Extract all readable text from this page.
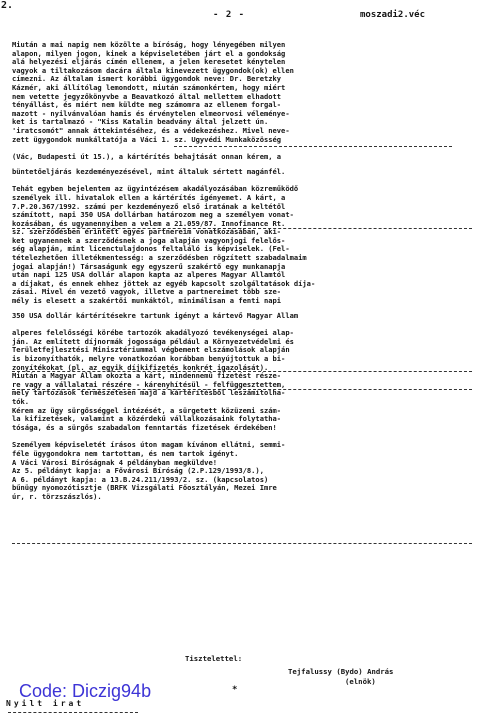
2.
- 2 -	moszadi2.véc
Miután a mai napig nem közölte a bíróság, hogy lényegében milyen
alapon, milyen jogon, kinek a képviseletében járt el a gondokság
alá helyezési eljárás címén ellenem, a jelen keresetet kénytelen
vagyok a tiltakozásom dacára általa kinevezett ügygondok(ok) ellen
címezni. Az általam ismert korábbi ügygondok neve: Dr. Beretzky
Kázmér, aki állítólag lemondott, miután számonkértem, hogy miért
nem vetette jegyzőkönyvbe a Beavatkozó által mellettem elhadott
tényállást, és miért nem küldte meg számomra az ellenem forgal-
mazott - nyilvánvalóan hamis és érvénytelen elmeorvosi véleménye-
ket is tartalmazó - "Kiss Katalin beadvány által jelzett ún.
'iratcsomót" annak áttekintéséhez, és a védekezéshez. Mivel neve-
zett ügygondok munkáltatója a Váci 1. sz. Ügyvédi Munkaközösség
(Vác, Budapesti út 15.), a kártérítés behajtását onnan kérem, a
büntetőeljárás kezdeményezésével, mint általuk sértett magánfél.
Tehát egyben bejelentem az ügyintézésem akadályozásában közreműködő
személyek ill. hivatalok ellen a kártérítés igényemet. A kárt, a
7.P.20.367/1992. számú per kezdeményező első iratának a keltétől
számított, napi 350 USA dollárban határozom meg a személyem vonat-
kozásában, és ugyanennyiben a velem a 21.059/87. Innofinance Rt.
sz. szerződésben érintett egyes partnereim vonatkozásában, aki-
ket ugyanennek a szerződésnek a joga alapján vagyonjogi felelős-
ség alapján, mint licenctulajdonos feltaláló is képviselek. (Fel-
tételezhetően illetékmentesség: a szerződésben rögzített szabadalmaim
jogai alapján!) Társaságunk egy egyszerű szakértő egy munkanapja
után napi 125 USA dollár alapon kapta az alperes Magyar Államtól
a díjakat, és ennek ehhez jöttek az egyéb kapcsolt szolgáltatások díja-
zásai. Mivel én vezető vagyok, illetve a partnereimet több sze-
mély is elesett a szakértői munkáktól, minimálisan a fenti napi
350 USA dollár kártérítésekre tartunk igényt a kártevő Magyar Állam
alperes felelősségi körébe tartozók akadályozó tevékenységei alap-
ján. Az említett díjnormák jogossága például a Környezetvédelmi és
Területfejlesztési Minisztériummal végbement elszámolások alapján
is bizonyíthatók, melyre vonatkozóan korábban benyújtottuk a bi-
zonyítékokat (pl. az egyik díjkifizetés konkrét igazolását).
Miután a Magyar Állam okozta a kárt, mindennemű fizetést része-
re vagy a vállalatai részére - kárenyhítésül - felfüggesztettem,
mely tartozások természetesen majd a kártérítésből leszámítolha-
tók.
Kérem az ügy sürgősséggel intézését, a sürgetett közüzemi szám-
la kifizetések, valamint a közérdekű vállalkozásaink folytatha-
tósága, és a sürgős szabadalom fenntartás fizetések érdekében!
Személyem képviseletét írásos úton magam kívánom ellátni, semmi-
féle ügygondokra nem tartottam, és nem tartok igényt.
A Váci Városi Bíróságnak 4 példányban megküldve!
Az 5. példányt kapja: a Fővárosi Bíróság (2.P.129/1993/8.),
A 6. példányt kapja: a 13.B.24.211/1993/2. sz. (kapcsolatos)
bűnügy nyomozótisztje (BRFK Vizsgálati Főosztályán, Mezei Imre
úr, r. törzszászlós).
Tisztelettel:
Tejfalussy (Bydo) András
(elnök)
Code: Diczig94b	*
Nyilt irat
